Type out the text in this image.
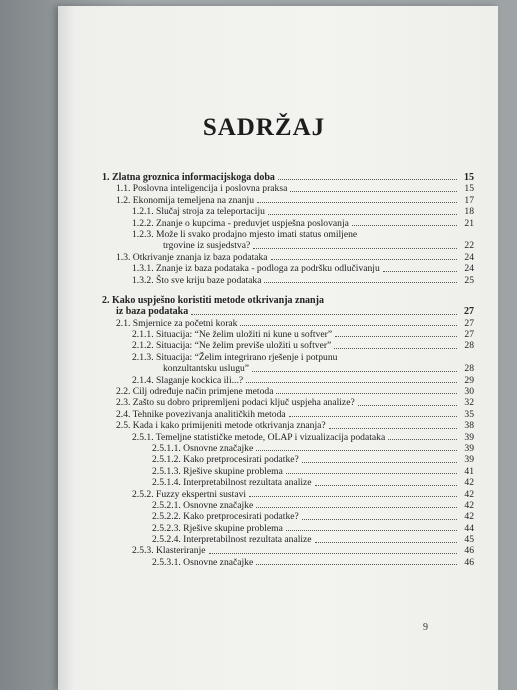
SADRŽAJ
1. Zlatna groznica informacijskoga doba	15
1.1. Poslovna inteligencija i poslovna praksa	15
1.2. Ekonomija temeljena na znanju	17
1.2.1. Slučaj stroja za teleportaciju	18
1.2.2. Znanje o kupcima - preduvjet uspješna poslovanja	21
1.2.3. Može li svako prodajno mjesto imati status omiljene
trgovine iz susjedstva?	22
1.3. Otkrivanje znanja iz baza podataka	24
1.3.1. Znanje iz baza podataka - podloga za podršku odlučivanju	24
1.3.2. Što sve kriju baze podataka	25
2. Kako uspješno koristiti metode otkrivanja znanja
iz baza podataka	27
2.1. Smjernice za početni korak	27
2.1.1. Situacija: “Ne želim uložiti ni kune u softver”	27
2.1.2. Situacija: “Ne želim previše uložiti u softver”	28
2.1.3. Situacija: “Želim integrirano rješenje i potpunu
konzultantsku uslugu”	28
2.1.4. Slaganje kockica ili...?	29
2.2. Cilj određuje način primjene metoda	30
2.3. Zašto su dobro pripremljeni podaci ključ uspjeha analize?	32
2.4. Tehnike povezivanja analitičkih metoda	35
2.5. Kada i kako primijeniti metode otkrivanja znanja?	38
2.5.1. Temeljne statističke metode, OLAP i vizualizacija podataka	39
2.5.1.1. Osnovne značajke	39
2.5.1.2. Kako pretprocesirati podatke?	39
2.5.1.3. Rješive skupine problema	41
2.5.1.4. Interpretabilnost rezultata analize	42
2.5.2. Fuzzy ekspertni sustavi	42
2.5.2.1. Osnovne značajke	42
2.5.2.2. Kako pretprocesirati podatke?	42
2.5.2.3. Rješive skupine problema	44
2.5.2.4. Interpretabilnost rezultata analize	45
2.5.3. Klasteriranje	46
2.5.3.1. Osnovne značajke	46
9
